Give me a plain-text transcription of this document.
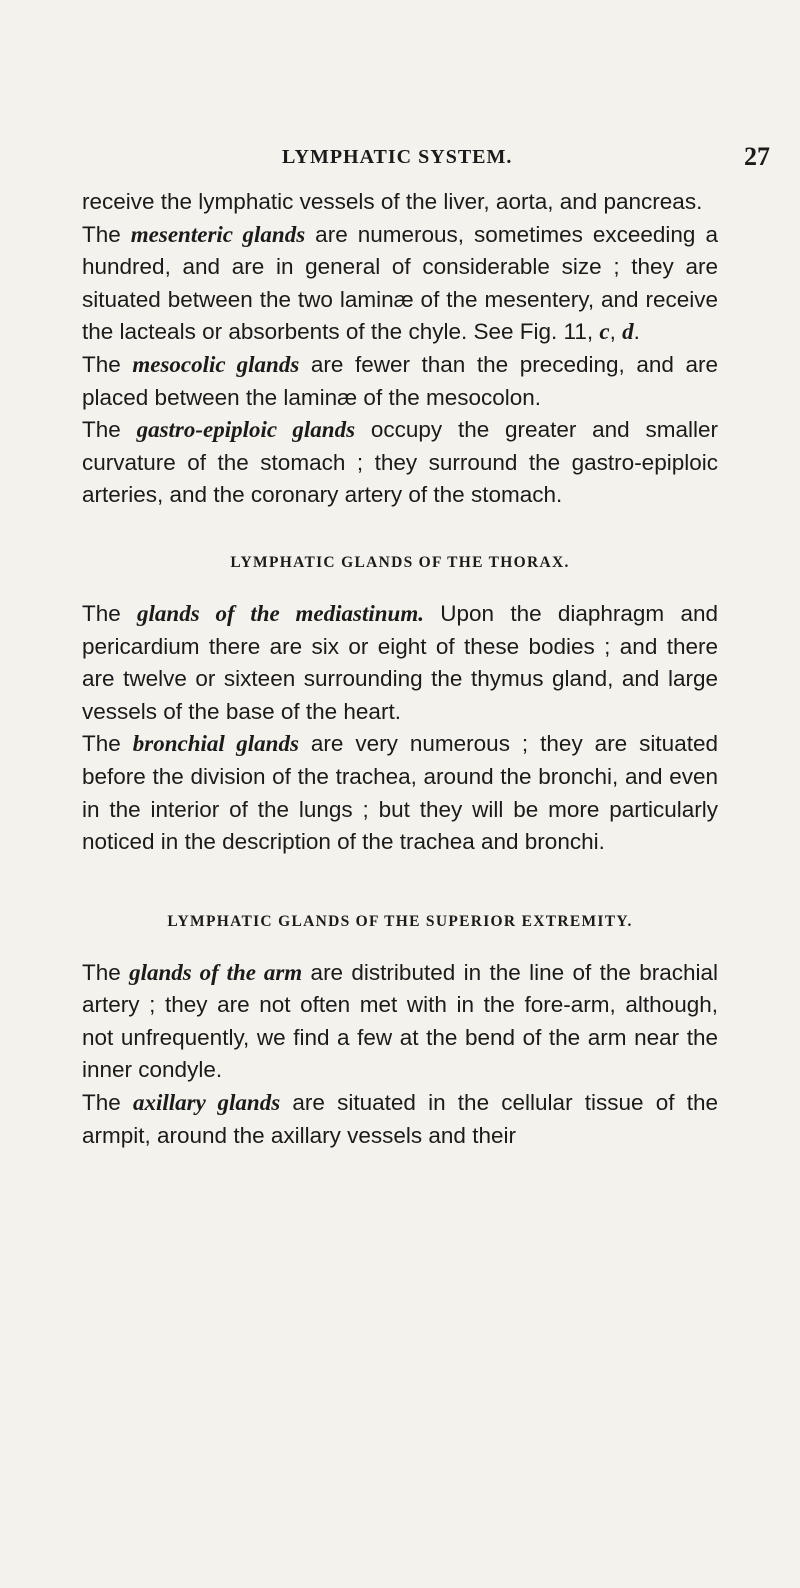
LYMPHATIC SYSTEM.	27

receive the lymphatic vessels of the liver, aorta, and pancreas.

The mesenteric glands are numerous, sometimes exceeding a hundred, and are in general of considerable size ; they are situated between the two laminæ of the mesentery, and receive the lacteals or absorbents of the chyle. See Fig. 11, c, d.

The mesocolic glands are fewer than the preceding, and are placed between the laminæ of the mesocolon.

The gastro-epiploic glands occupy the greater and smaller curvature of the stomach ; they surround the gastro-epiploic arteries, and the coronary artery of the stomach.

LYMPHATIC GLANDS OF THE THORAX.

The glands of the mediastinum. Upon the diaphragm and pericardium there are six or eight of these bodies ; and there are twelve or sixteen surrounding the thymus gland, and large vessels of the base of the heart.

The bronchial glands are very numerous ; they are situated before the division of the trachea, around the bronchi, and even in the interior of the lungs ; but they will be more particularly noticed in the description of the trachea and bronchi.

LYMPHATIC GLANDS OF THE SUPERIOR EXTREMITY.

The glands of the arm are distributed in the line of the brachial artery ; they are not often met with in the fore-arm, although, not unfrequently, we find a few at the bend of the arm near the inner condyle.

The axillary glands are situated in the cellular tissue of the armpit, around the axillary vessels and their
